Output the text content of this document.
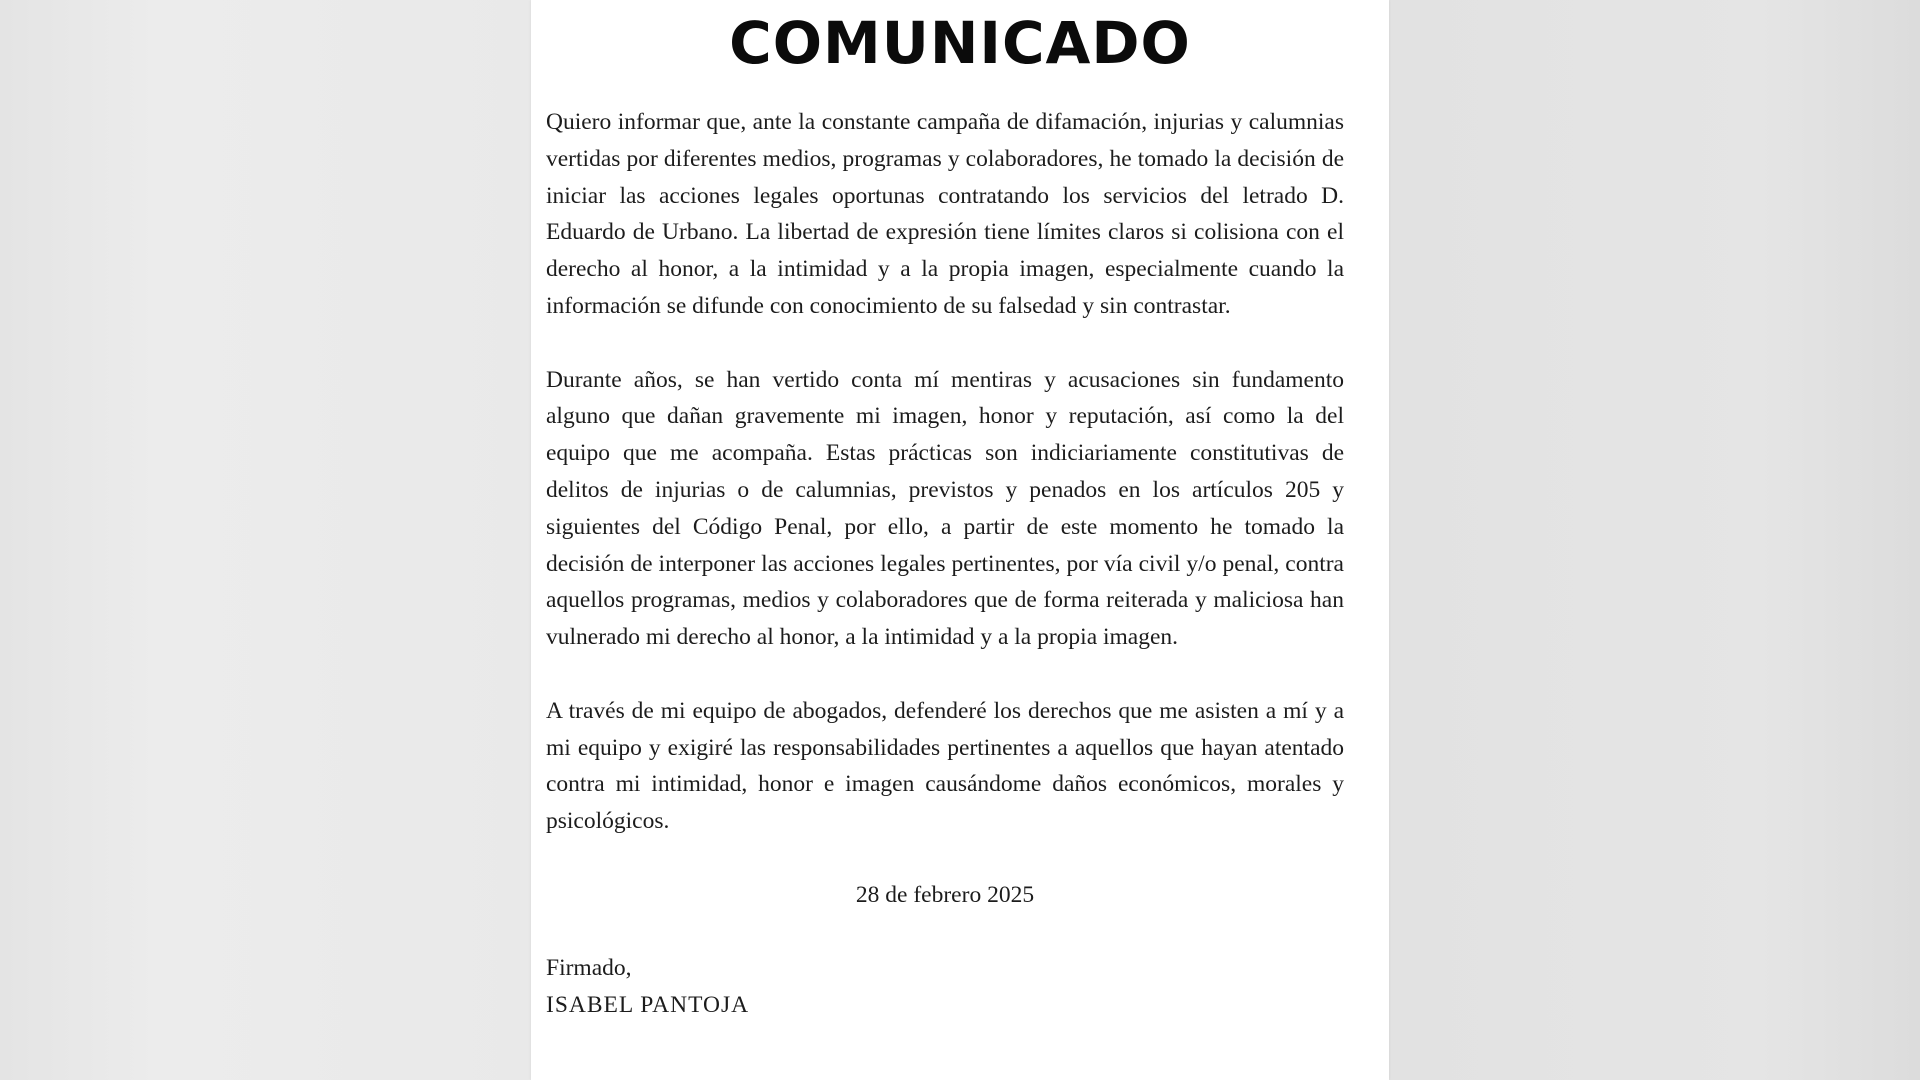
COMUNICADO

Quiero informar que, ante la constante campaña de difamación, injurias y calumnias vertidas por diferentes medios, programas y colaboradores, he tomado la decisión de iniciar las acciones legales oportunas contratando los servicios del letrado D. Eduardo de Urbano. La libertad de expresión tiene límites claros si colisiona con el derecho al honor, a la intimidad y a la propia imagen, especialmente cuando la información se difunde con conocimiento de su falsedad y sin contrastar.

Durante años, se han vertido conta mí mentiras y acusaciones sin fundamento alguno que dañan gravemente mi imagen, honor y reputación, así como la del equipo que me acompaña. Estas prácticas son indiciariamente constitutivas de delitos de injurias o de calumnias, previstos y penados en los artículos 205 y siguientes del Código Penal, por ello, a partir de este momento he tomado la decisión de interponer las acciones legales pertinentes, por vía civil y/o penal, contra aquellos programas, medios y colaboradores que de forma reiterada y maliciosa han vulnerado mi derecho al honor, a la intimidad y a la propia imagen.

A través de mi equipo de abogados, defenderé los derechos que me asisten a mí y a mi equipo y exigiré las responsabilidades pertinentes a aquellos que hayan atentado contra mi intimidad, honor e imagen causándome daños económicos, morales y psicológicos.

28 de febrero 2025

Firmado,

ISABEL PANTOJA
